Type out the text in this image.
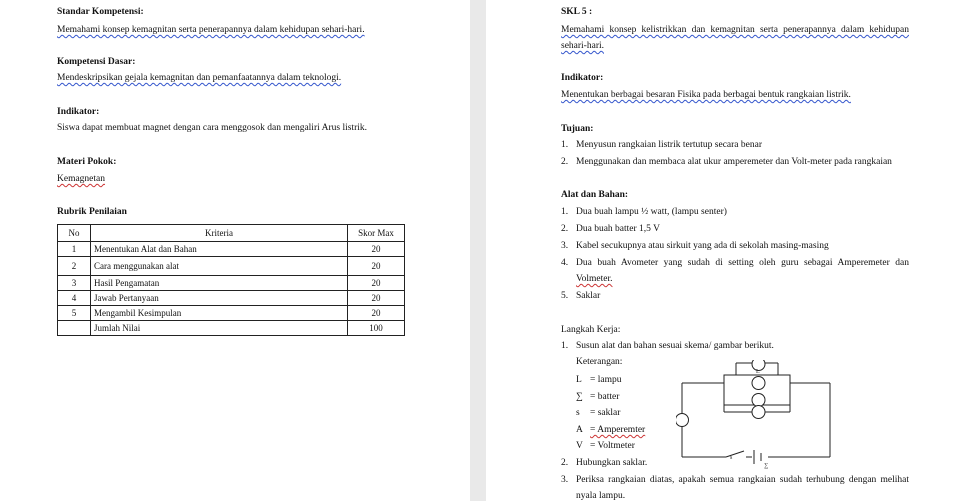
Standar Kompetensi:
Memahami konsep kemagnitan serta penerapannya dalam kehidupan sehari-hari.
Kompetensi Dasar:
Mendeskripsikan gejala kemagnitan dan pemanfaatannya dalam teknologi.
Indikator:
Siswa dapat membuat magnet dengan cara menggosok dan mengaliri Arus listrik.
Materi Pokok:
Kemagnetan
Rubrik Penilaian
No	Kriteria	Skor Max
1	Menentukan Alat dan Bahan	20
2	Cara menggunakan alat	20
3	Hasil Pengamatan	20
4	Jawab Pertanyaan	20
5	Mengambil Kesimpulan	20
	Jumlah Nilai	100
SKL 5 :
Memahami konsep kelistrikkan dan kemagnitan serta penerapannya dalam kehidupan
sehari-hari.
Indikator:
Menentukan berbagai besaran Fisika pada berbagai bentuk rangkaian listrik.
Tujuan:
1. Menyusun rangkaian listrik tertutup secara benar
2. Menggunakan dan membaca alat ukur amperemeter dan Volt-meter pada rangkaian
Alat dan Bahan:
1. Dua buah lampu ½ watt, (lampu senter)
2. Dua buah batter 1,5 V
3. Kabel secukupnya atau sirkuit yang ada di sekolah masing-masing
4. Dua buah Avometer yang sudah di setting oleh guru sebagai Amperemeter dan
Volmeter.
5. Saklar
Langkah Kerja:
1. Susun alat dan bahan sesuai skema/ gambar berikut.
Keterangan:
L = lampu
∑ = batter
s = saklar
A = Amperemter
V = Voltmeter
2. Hubungkan saklar.
3. Periksa rangkaian diatas, apakah semua rangkaian sudah terhubung dengan melihat
nyala lampu.
L
s
∑
